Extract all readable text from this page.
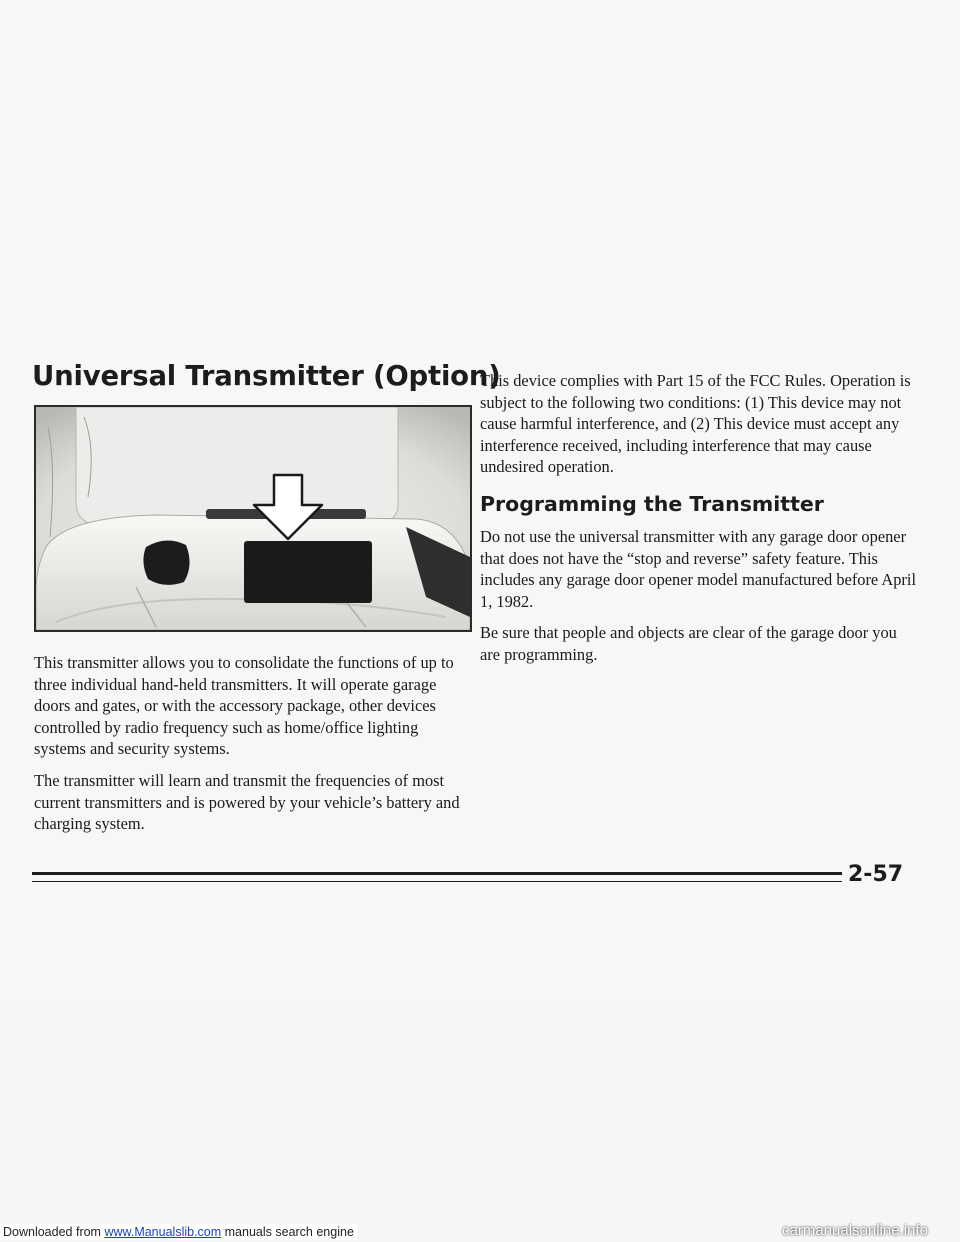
Downloaded from www.Manualslib.com manuals search engine
Universal Transmitter (Option)

This transmitter allows you to consolidate the functions of up to three individual hand-held transmitters. It will operate garage doors and gates, or with the accessory package, other devices controlled by radio frequency such as home/office lighting systems and security systems.

The transmitter will learn and transmit the frequencies of most current transmitters and is powered by your vehicle’s battery and charging system.

This device complies with Part 15 of the FCC Rules. Operation is subject to the following two conditions: (1) This device may not cause harmful interference, and (2) This device must accept any interference received, including interference that may cause undesired operation.

Programming the Transmitter

Do not use the universal transmitter with any garage door opener that does not have the “stop and reverse” safety feature. This includes any garage door opener model manufactured before April 1, 1982.

Be sure that people and objects are clear of the garage door you are programming.

2-57
carmanualsonline.info
